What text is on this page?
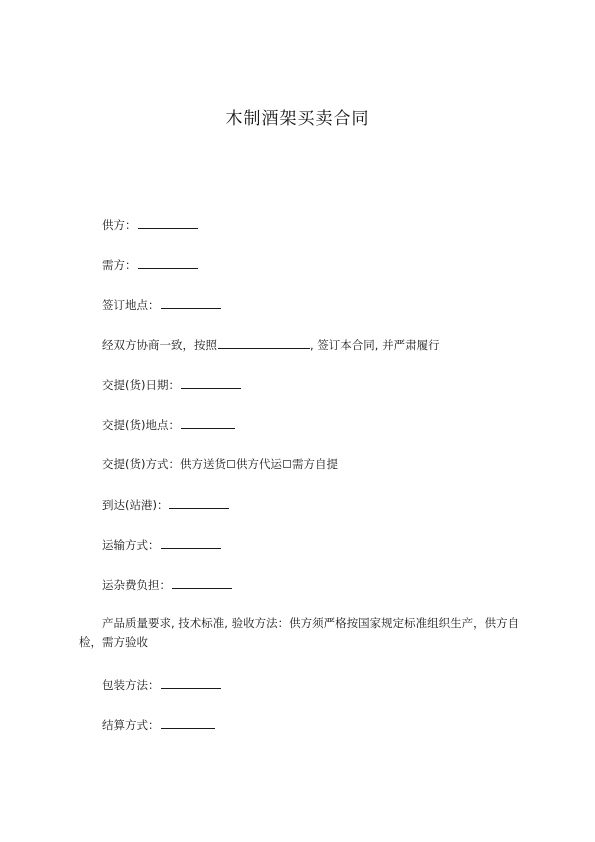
木制酒架买卖合同
供方：
需方：
签订地点：
经双方协商一致，按照	, 签订本合同, 并严肃履行
交提(货)日期：
交提(货)地点：
交提(货)方式：供方送货 供方代运 需方自提
到达(站港)：
运输方式：
运杂费负担：
产品质量要求, 技术标准, 验收方法：供方须严格按国家规定标准组织生产，供方自检，需方验收
包装方法：
结算方式：
